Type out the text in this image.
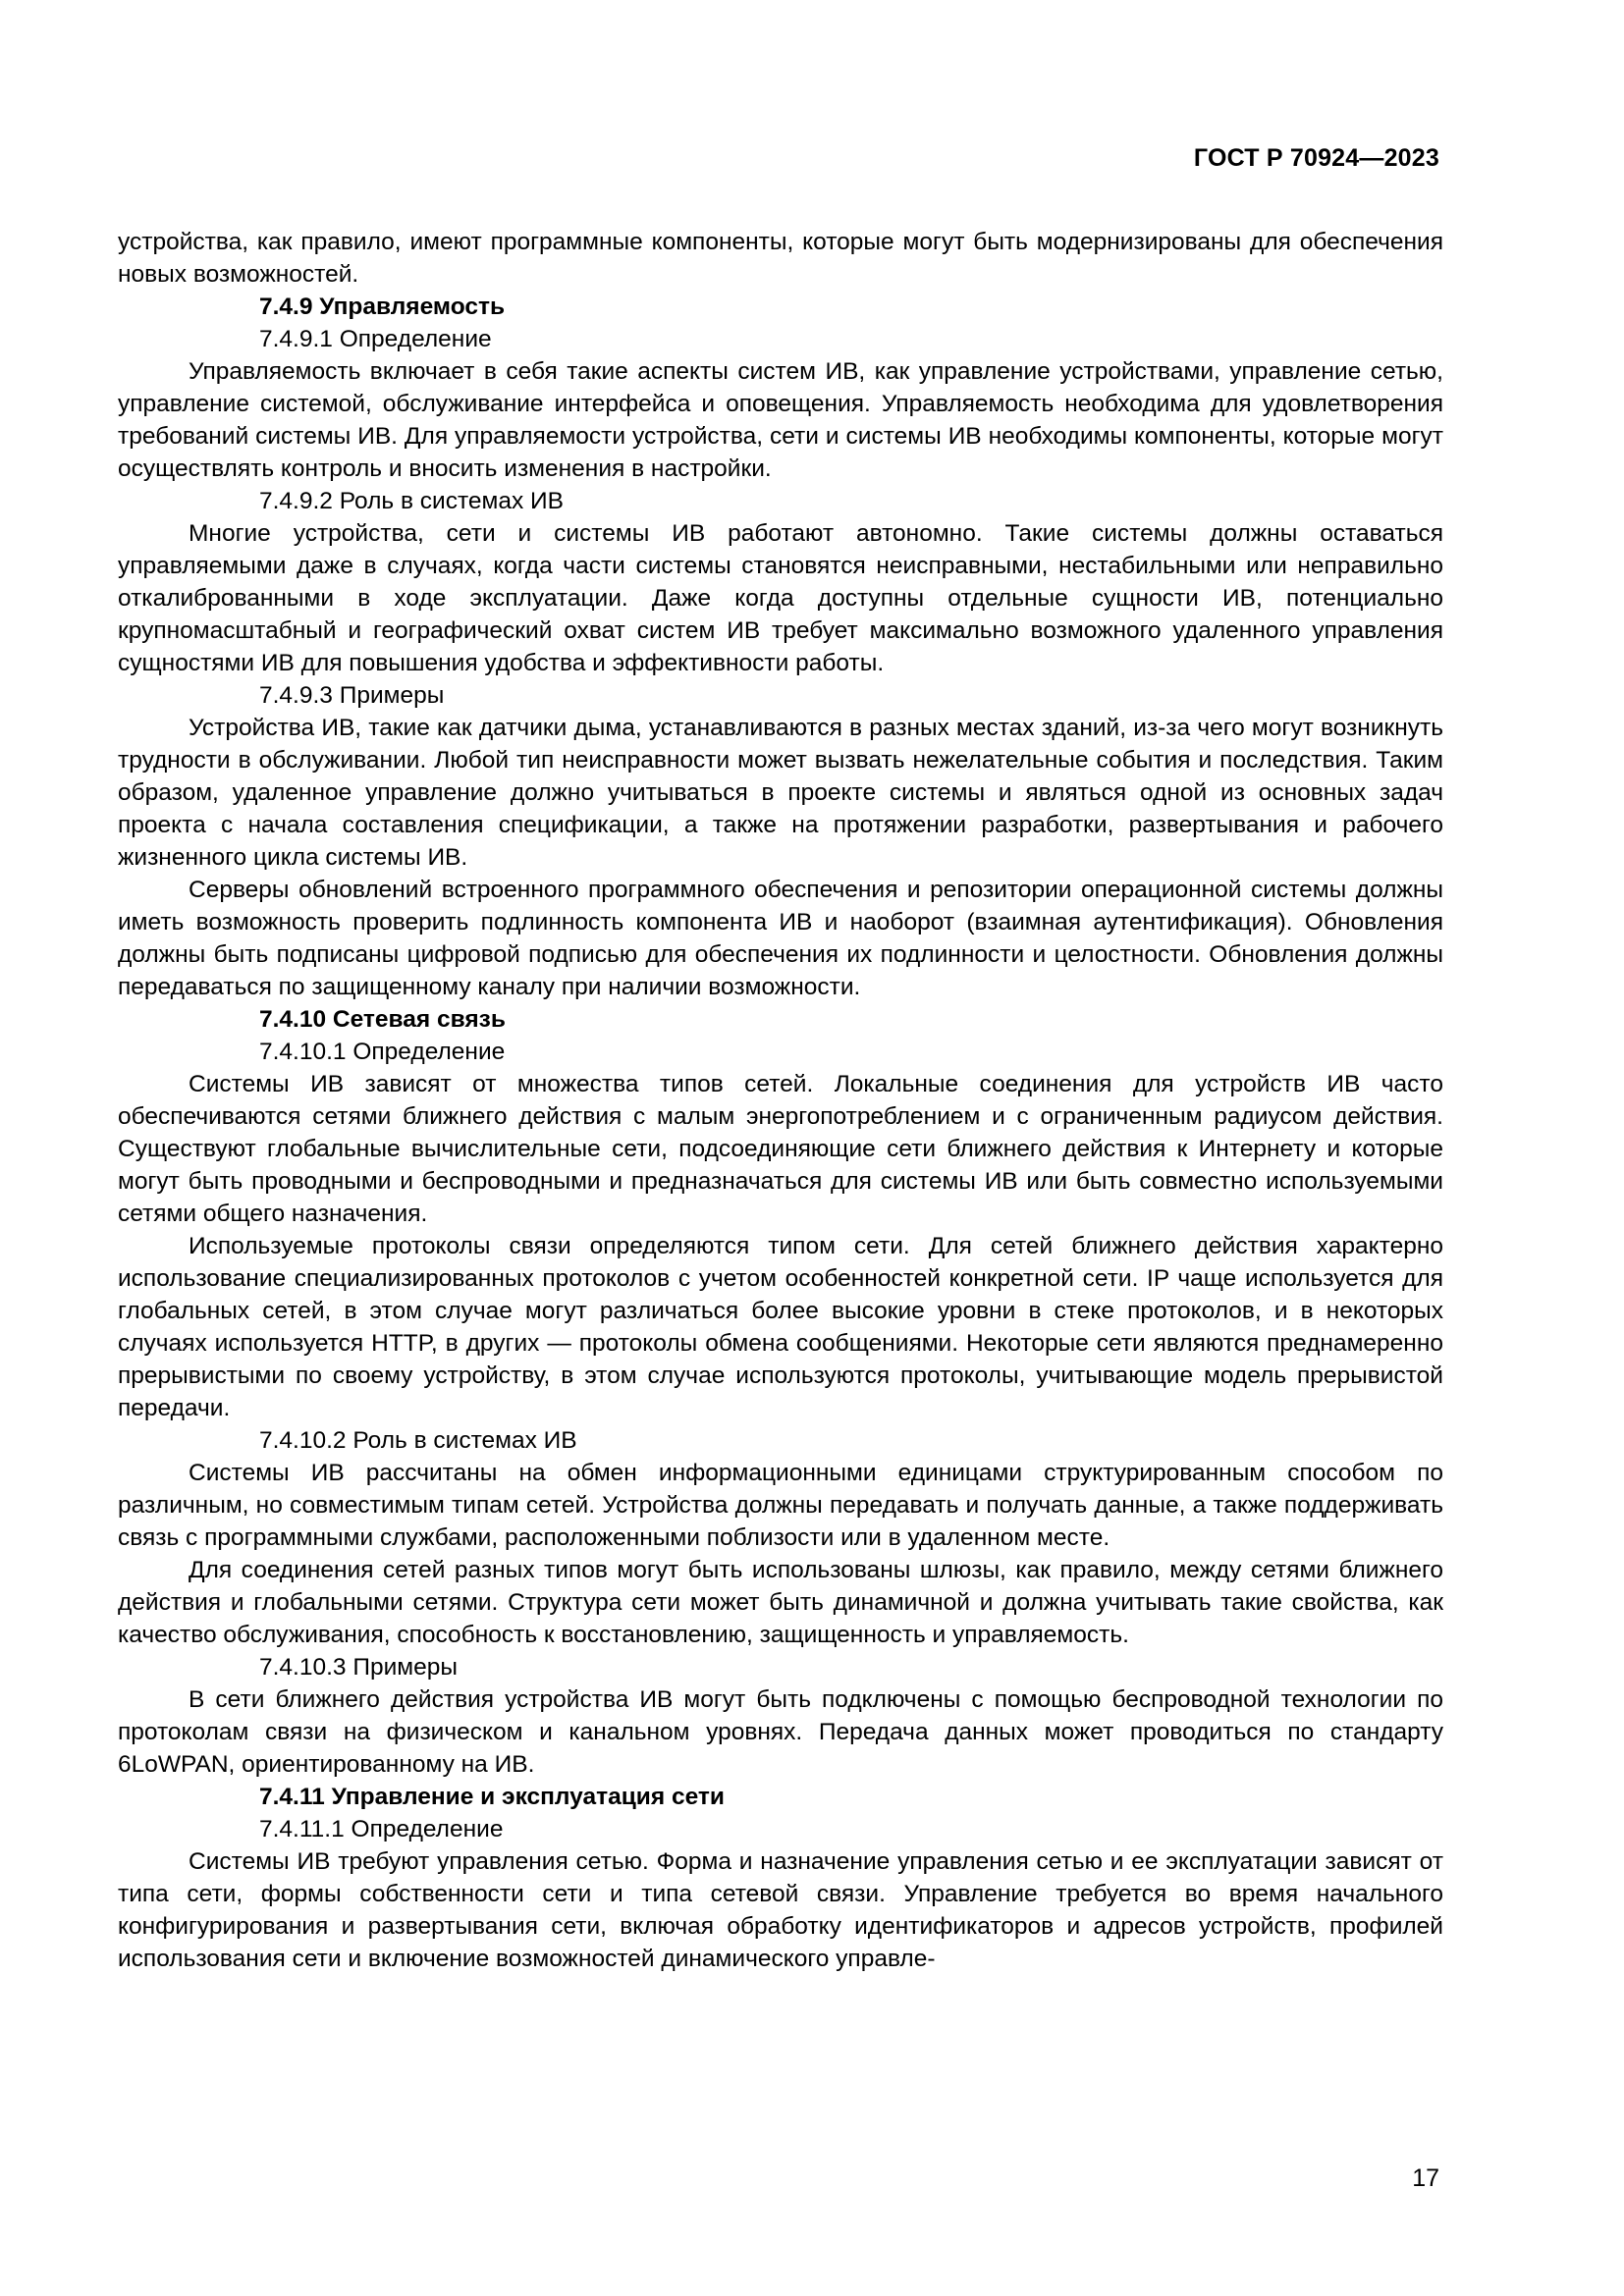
ГОСТ Р 70924—2023

устройства, как правило, имеют программные компоненты, которые могут быть модернизированы для обеспечения новых возможностей.

7.4.9 Управляемость

7.4.9.1 Определение

Управляемость включает в себя такие аспекты систем ИВ, как управление устройствами, управление сетью, управление системой, обслуживание интерфейса и оповещения. Управляемость необходима для удовлетворения требований системы ИВ. Для управляемости устройства, сети и системы ИВ необходимы компоненты, которые могут осуществлять контроль и вносить изменения в настройки.

7.4.9.2 Роль в системах ИВ

Многие устройства, сети и системы ИВ работают автономно. Такие системы должны оставаться управляемыми даже в случаях, когда части системы становятся неисправными, нестабильными или неправильно откалиброванными в ходе эксплуатации. Даже когда доступны отдельные сущности ИВ, потенциально крупномасштабный и географический охват систем ИВ требует максимально возможного удаленного управления сущностями ИВ для повышения удобства и эффективности работы.

7.4.9.3 Примеры

Устройства ИВ, такие как датчики дыма, устанавливаются в разных местах зданий, из-за чего могут возникнуть трудности в обслуживании. Любой тип неисправности может вызвать нежелательные события и последствия. Таким образом, удаленное управление должно учитываться в проекте системы и являться одной из основных задач проекта с начала составления спецификации, а также на протяжении разработки, развертывания и рабочего жизненного цикла системы ИВ.

Серверы обновлений встроенного программного обеспечения и репозитории операционной системы должны иметь возможность проверить подлинность компонента ИВ и наоборот (взаимная аутентификация). Обновления должны быть подписаны цифровой подписью для обеспечения их подлинности и целостности. Обновления должны передаваться по защищенному каналу при наличии возможности.

7.4.10 Сетевая связь

7.4.10.1 Определение

Системы ИВ зависят от множества типов сетей. Локальные соединения для устройств ИВ часто обеспечиваются сетями ближнего действия с малым энергопотреблением и с ограниченным радиусом действия. Существуют глобальные вычислительные сети, подсоединяющие сети ближнего действия к Интернету и которые могут быть проводными и беспроводными и предназначаться для системы ИВ или быть совместно используемыми сетями общего назначения.

Используемые протоколы связи определяются типом сети. Для сетей ближнего действия характерно использование специализированных протоколов с учетом особенностей конкретной сети. IP чаще используется для глобальных сетей, в этом случае могут различаться более высокие уровни в стеке протоколов, и в некоторых случаях используется HTTP, в других — протоколы обмена сообщениями. Некоторые сети являются преднамеренно прерывистыми по своему устройству, в этом случае используются протоколы, учитывающие модель прерывистой передачи.

7.4.10.2 Роль в системах ИВ

Системы ИВ рассчитаны на обмен информационными единицами структурированным способом по различным, но совместимым типам сетей. Устройства должны передавать и получать данные, а также поддерживать связь с программными службами, расположенными поблизости или в удаленном месте.

Для соединения сетей разных типов могут быть использованы шлюзы, как правило, между сетями ближнего действия и глобальными сетями. Структура сети может быть динамичной и должна учитывать такие свойства, как качество обслуживания, способность к восстановлению, защищенность и управляемость.

7.4.10.3 Примеры

В сети ближнего действия устройства ИВ могут быть подключены с помощью беспроводной технологии по протоколам связи на физическом и канальном уровнях. Передача данных может проводиться по стандарту 6LoWPAN, ориентированному на ИВ.

7.4.11 Управление и эксплуатация сети

7.4.11.1 Определение

Системы ИВ требуют управления сетью. Форма и назначение управления сетью и ее эксплуатации зависят от типа сети, формы собственности сети и типа сетевой связи. Управление требуется во время начального конфигурирования и развертывания сети, включая обработку идентификаторов и адресов устройств, профилей использования сети и включение возможностей динамического управле-

17
